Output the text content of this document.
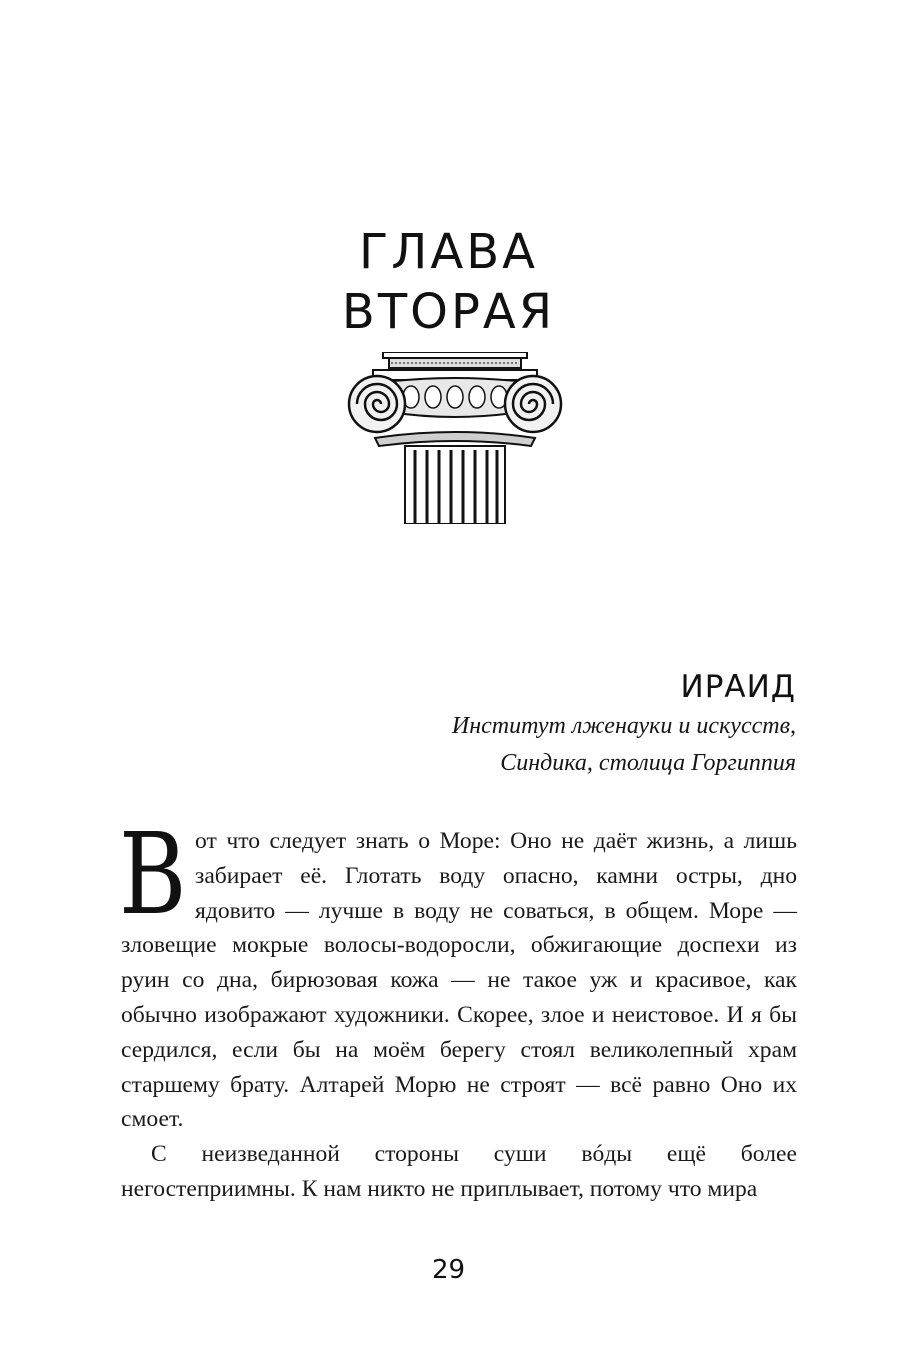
ГЛАВА
ВТОРАЯ
ИРАИД
Институт лженауки и искусств,
Синдика, столица Горгиппия

Вот что следует знать о Море: Оно не даёт жизнь, а лишь забирает её. Глотать воду опасно, камни остры, дно ядовито — лучше в воду не соваться, в общем. Море — зловещие мокрые волосы-водоросли, обжигающие доспехи из руин со дна, бирюзовая кожа — не такое уж и красивое, как обычно изображают художники. Скорее, злое и неистовое. И я бы сердился, если бы на моём берегу стоял великолепный храм старшему брату. Алтарей Морю не строят — всё равно Оно их смоет.

С неизведанной стороны суши вóды ещё более негостеприимны. К нам никто не приплывает, потому что мира

29
